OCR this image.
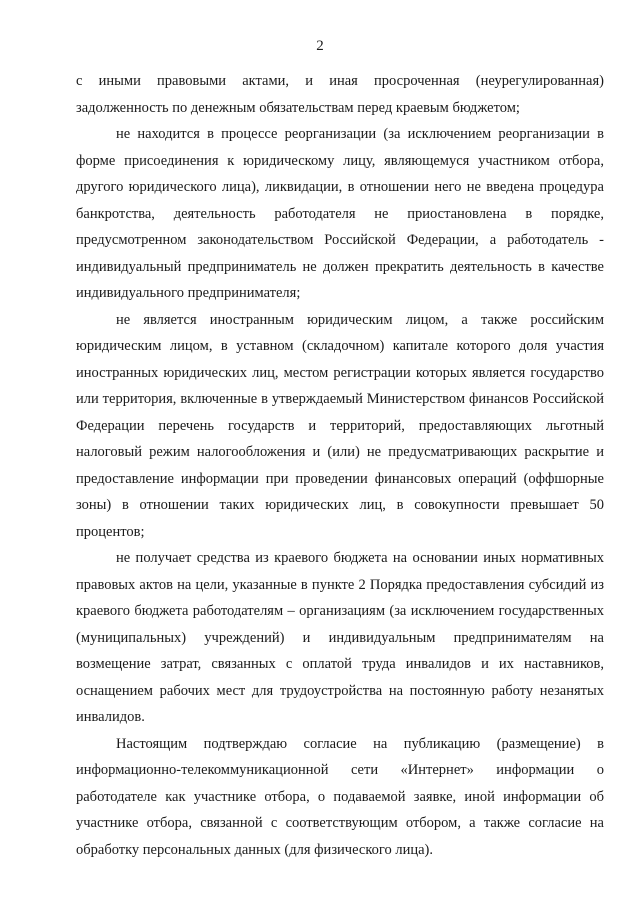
2

с иными правовыми актами, и иная просроченная (неурегулированная) задолженность по денежным обязательствам перед краевым бюджетом;

не находится в процессе реорганизации (за исключением реорганизации в форме присоединения к юридическому лицу, являющемуся участником отбора, другого юридического лица), ликвидации, в отношении него не введена процедура банкротства, деятельность работодателя не приостановлена в порядке, предусмотренном законодательством Российской Федерации, а работодатель - индивидуальный предприниматель не должен прекратить деятельность в качестве индивидуального предпринимателя;

не является иностранным юридическим лицом, а также российским юридическим лицом, в уставном (складочном) капитале которого доля участия иностранных юридических лиц, местом регистрации которых является государство или территория, включенные в утверждаемый Министерством финансов Российской Федерации перечень государств и территорий, предоставляющих льготный налоговый режим налогообложения и (или) не предусматривающих раскрытие и предоставление информации при проведении финансовых операций (оффшорные зоны) в отношении таких юридических лиц, в совокупности превышает 50 процентов;

не получает средства из краевого бюджета на основании иных нормативных правовых актов на цели, указанные в пункте 2 Порядка предоставления субсидий из краевого бюджета работодателям – организациям (за исключением государственных (муниципальных) учреждений) и индивидуальным предпринимателям на возмещение затрат, связанных с оплатой труда инвалидов и их наставников, оснащением рабочих мест для трудоустройства на постоянную работу незанятых инвалидов.

Настоящим подтверждаю согласие на публикацию (размещение) в информационно-телекоммуникационной сети «Интернет» информации о работодателе как участнике отбора, о подаваемой заявке, иной информации об участнике отбора, связанной с соответствующим отбором, а также согласие на обработку персональных данных (для физического лица).
